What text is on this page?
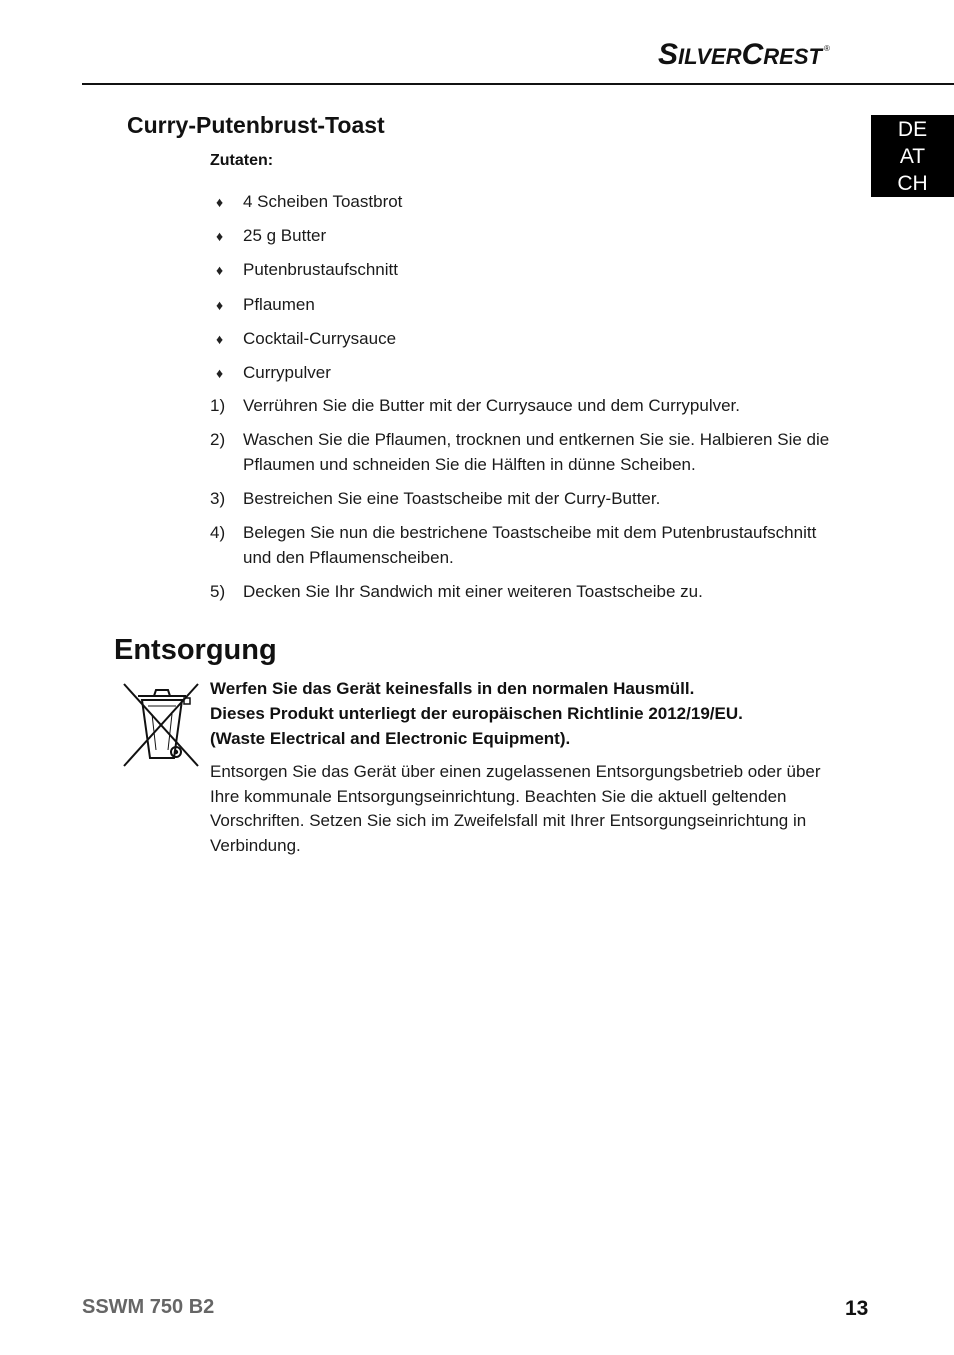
S ILVER C REST ®
DE
AT
CH
Curry-Putenbrust-Toast

Zutaten:

♦	4 Scheiben Toastbrot
♦	25 g Butter
♦	Putenbrustaufschnitt
♦	Pflaumen
♦	Cocktail-Currysauce
♦	Currypulver
1)	Verrühren Sie die Butter mit der Currysauce und dem Currypulver.
2)	Waschen Sie die Pflaumen, trocknen und entkernen Sie sie. Halbieren Sie die Pflaumen und schneiden Sie die Hälften in dünne Scheiben.
3)	Bestreichen Sie eine Toastscheibe mit der Curry-Butter.
4)	Belegen Sie nun die bestrichene Toastscheibe mit dem Putenbrustaufschnitt und den Pflaumenscheiben.
5)	Decken Sie Ihr Sandwich mit einer weiteren Toastscheibe zu.
Entsorgung

Werfen Sie das Gerät keinesfalls in den normalen Hausmüll.
Dieses Produkt unterliegt der europäischen Richtlinie 2012/19/EU.
(Waste Electrical and Electronic Equipment).

Entsorgen Sie das Gerät über einen zugelassenen Entsorgungsbetrieb oder über Ihre kommunale Entsorgungseinrichtung. Beachten Sie die aktuell geltenden Vorschriften. Setzen Sie sich im Zweifelsfall mit Ihrer Entsorgungseinrichtung in Verbindung.

SSWM 750 B2	13
